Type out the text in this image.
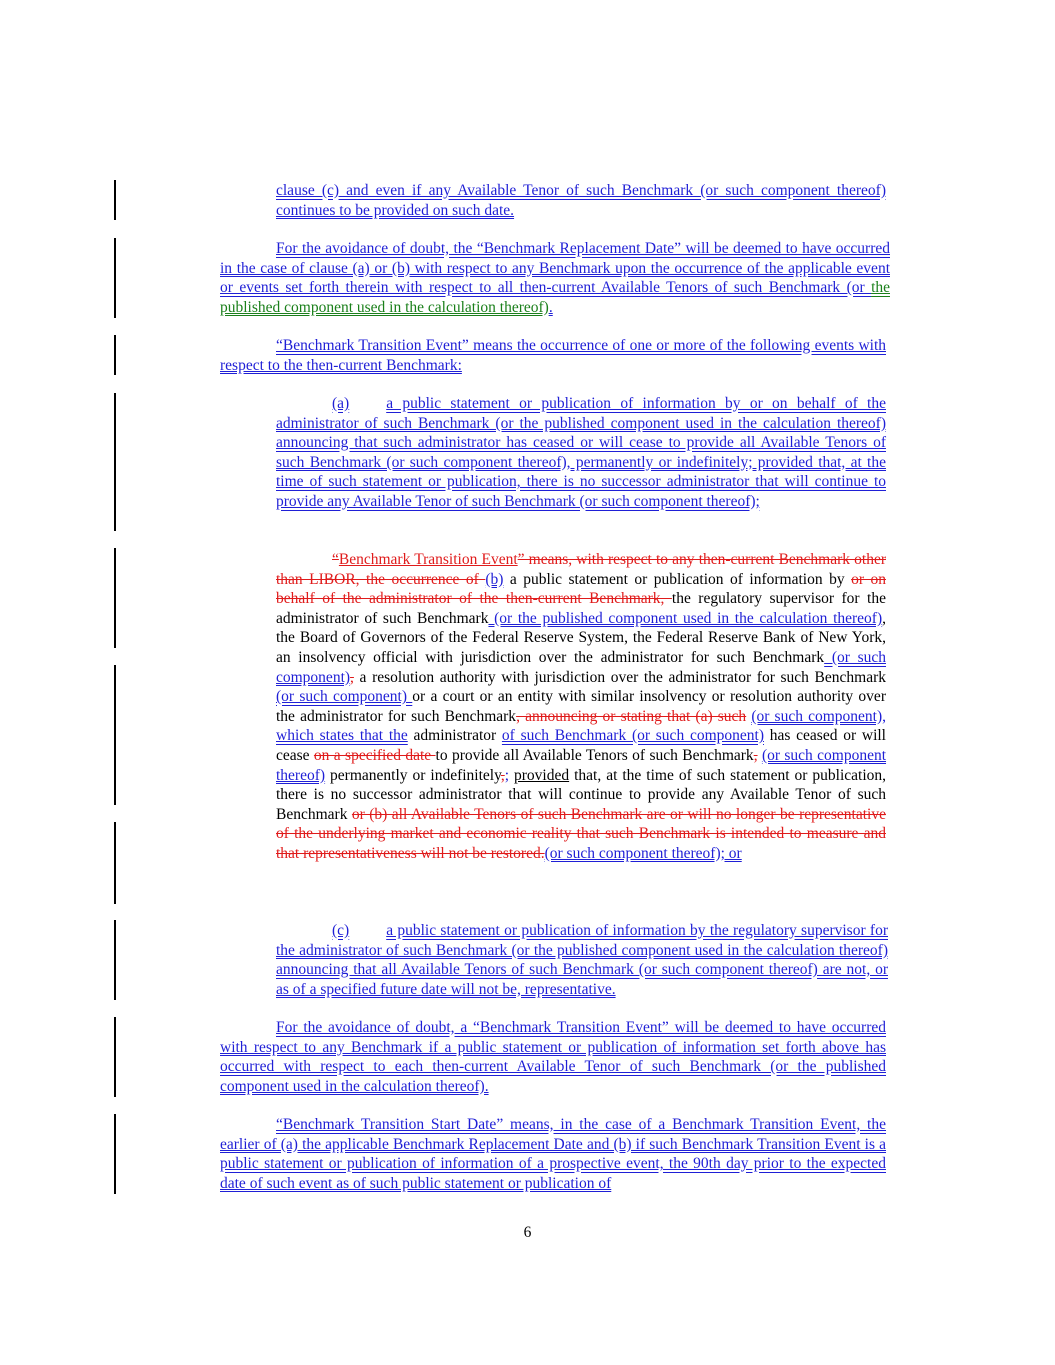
clause (c) and even if any Available Tenor of such Benchmark (or such component thereof) continues to be provided on such date.
For the avoidance of doubt, the “Benchmark Replacement Date” will be deemed to have occurred in the case of clause (a) or (b) with respect to any Benchmark upon the occurrence of the applicable event or events set forth therein with respect to all then-current Available Tenors of such Benchmark (or the published component used in the calculation thereof).
“Benchmark Transition Event” means the occurrence of one or more of the following events with respect to the then-current Benchmark:
(a) a public statement or publication of information by or on behalf of the administrator of such Benchmark (or the published component used in the calculation thereof) announcing that such administrator has ceased or will cease to provide all Available Tenors of such Benchmark (or such component thereof), permanently or indefinitely; provided that, at the time of such statement or publication, there is no successor administrator that will continue to provide any Available Tenor of such Benchmark (or such component thereof);
“Benchmark Transition Event” means, with respect to any then-current Benchmark other than LIBOR, the occurrence of (b) a public statement or publication of information by or on behalf of the administrator of the then-current Benchmark, the regulatory supervisor for the administrator of such Benchmark (or the published component used in the calculation thereof), the Board of Governors of the Federal Reserve System, the Federal Reserve Bank of New York, an insolvency official with jurisdiction over the administrator for such Benchmark (or such component), a resolution authority with jurisdiction over the administrator for such Benchmark (or such component) or a court or an entity with similar insolvency or resolution authority over the administrator for such Benchmark, announcing or stating that (a) such (or such component), which states that the administrator of such Benchmark (or such component) has ceased or will cease on a specified date to provide all Available Tenors of such Benchmark, (or such component thereof) permanently or indefinitely,; provided that, at the time of such statement or publication, there is no successor administrator that will continue to provide any Available Tenor of such Benchmark or (b) all Available Tenors of such Benchmark are or will no longer be representative of the underlying market and economic reality that such Benchmark is intended to measure and that representativeness will not be restored.(or such component thereof); or
(c) a public statement or publication of information by the regulatory supervisor for the administrator of such Benchmark (or the published component used in the calculation thereof) announcing that all Available Tenors of such Benchmark (or such component thereof) are not, or as of a specified future date will not be, representative.
For the avoidance of doubt, a “Benchmark Transition Event” will be deemed to have occurred with respect to any Benchmark if a public statement or publication of information set forth above has occurred with respect to each then-current Available Tenor of such Benchmark (or the published component used in the calculation thereof).
“Benchmark Transition Start Date” means, in the case of a Benchmark Transition Event, the earlier of (a) the applicable Benchmark Replacement Date and (b) if such Benchmark Transition Event is a public statement or publication of information of a prospective event, the 90th day prior to the expected date of such event as of such public statement or publication of
6
